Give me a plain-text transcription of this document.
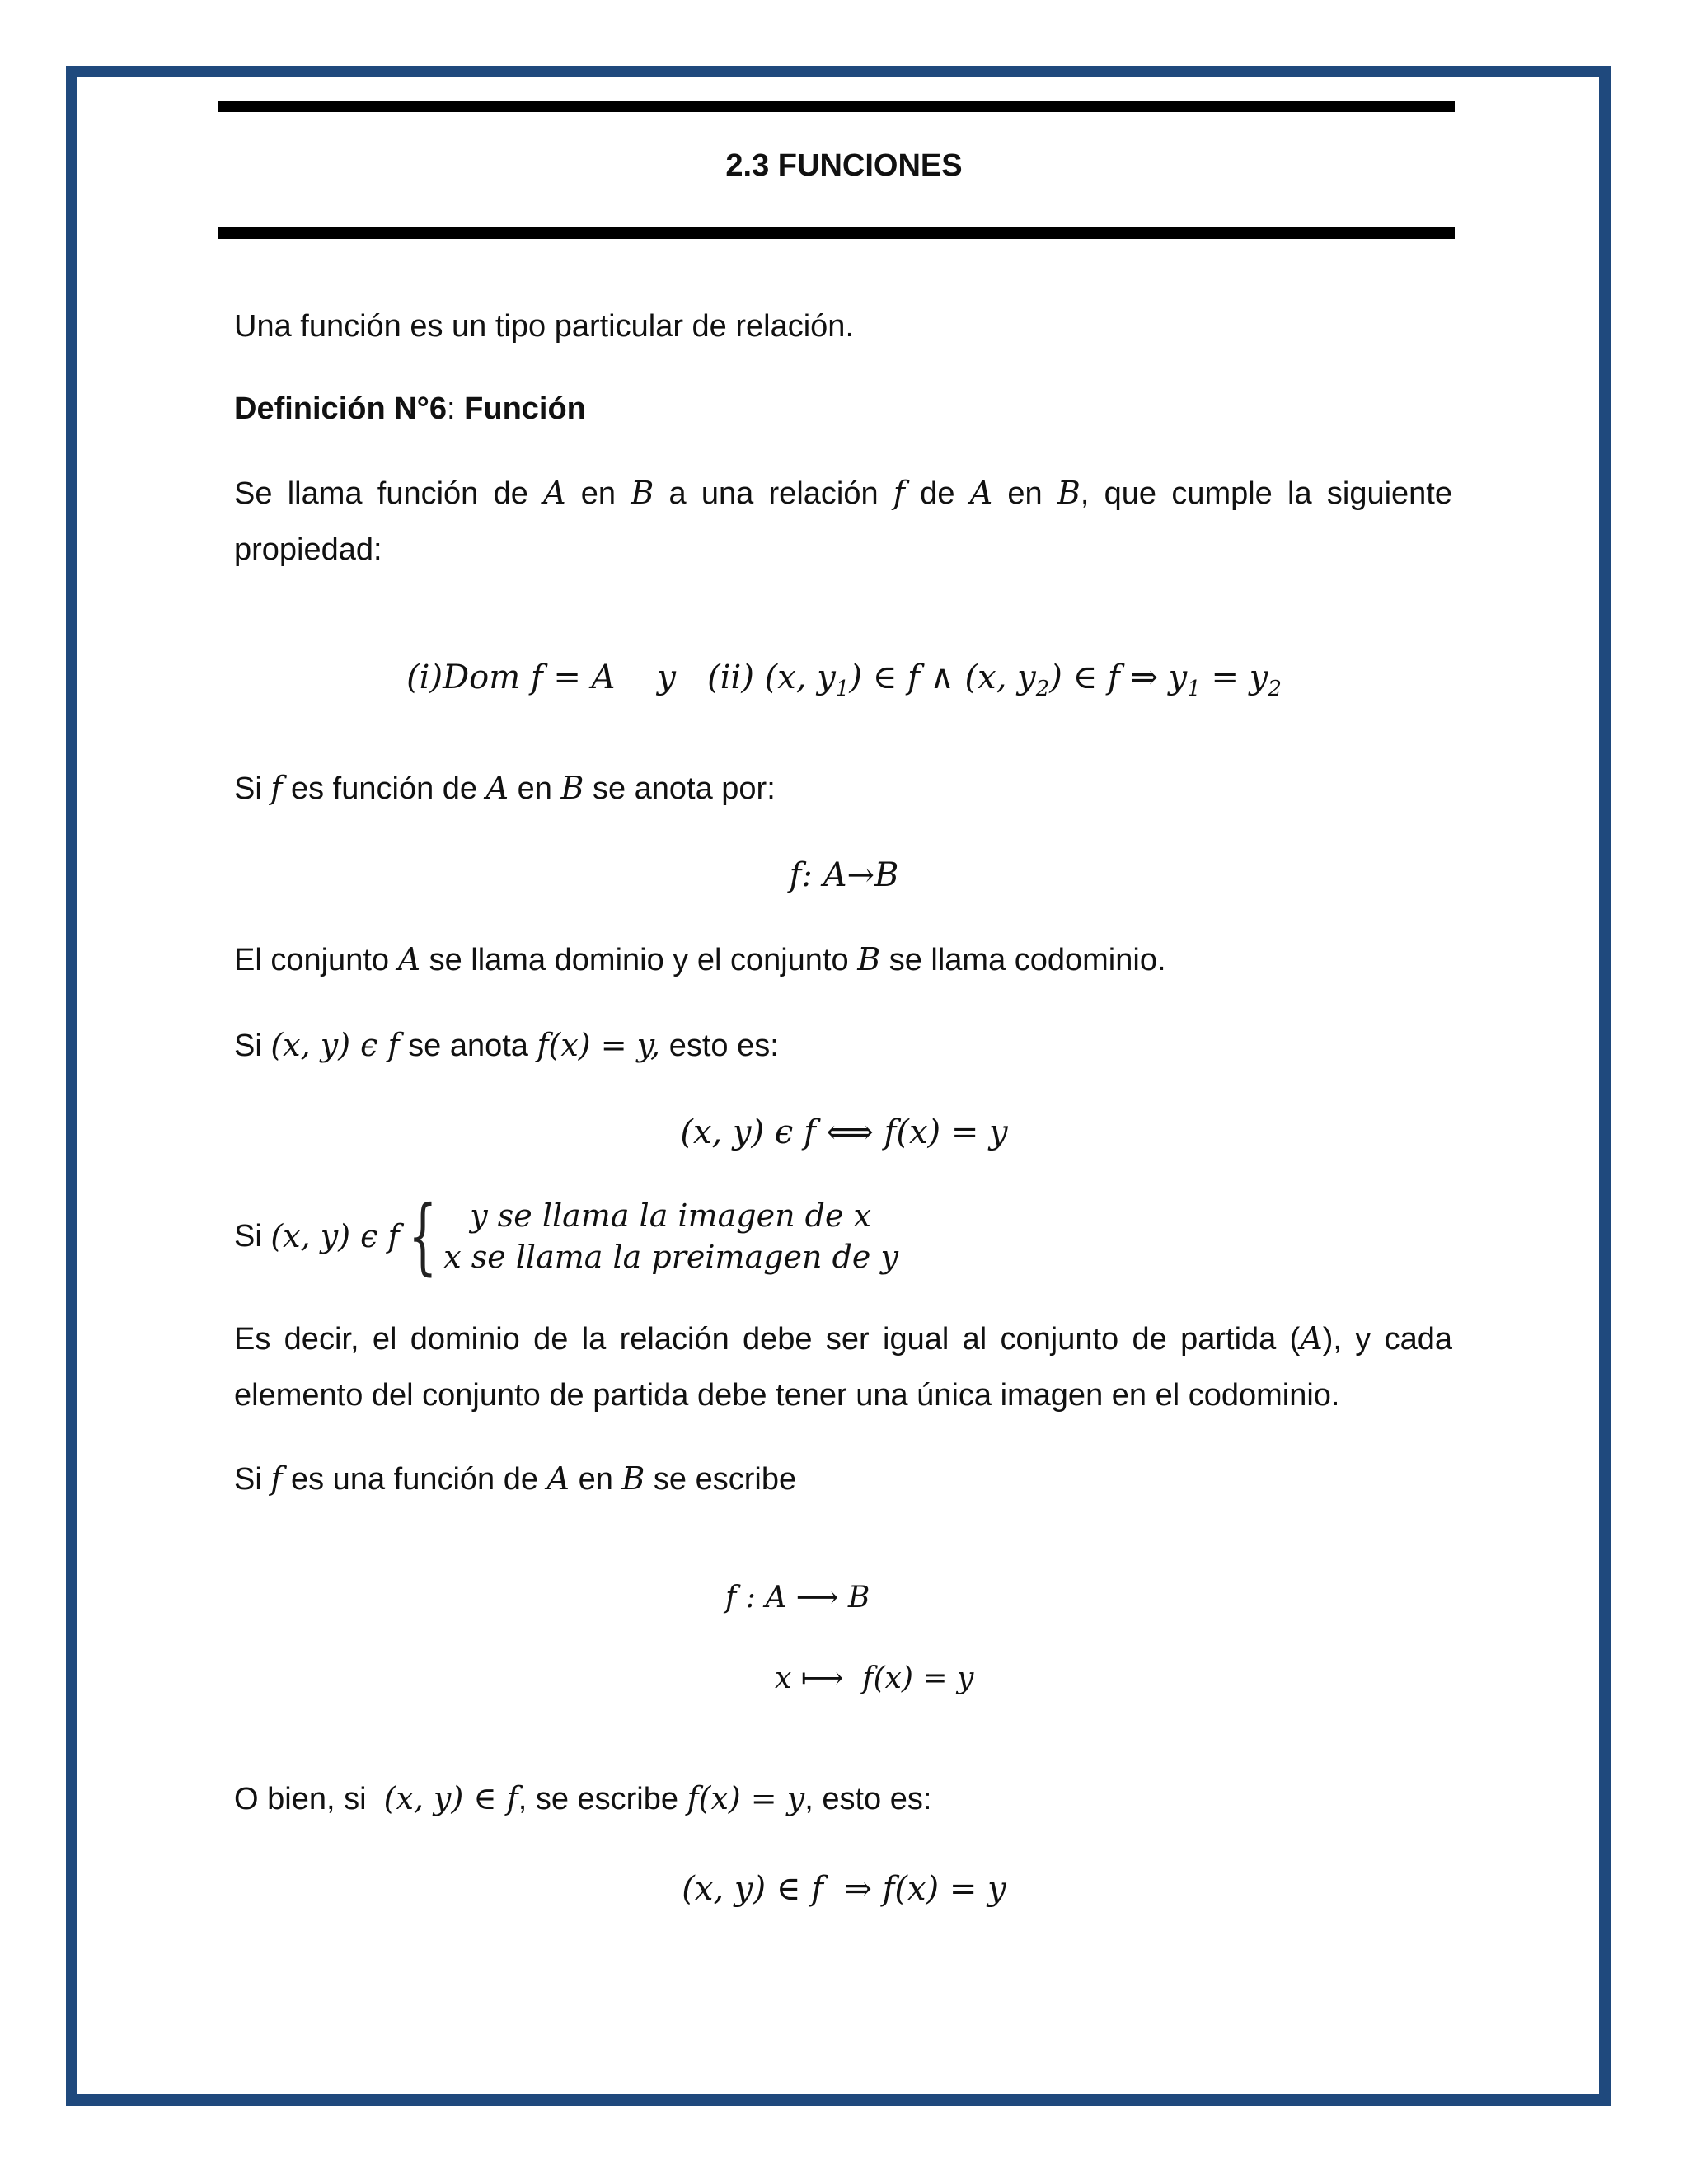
2.3 FUNCIONES

Una función es un tipo particular de relación.

Definición N°6: Función

Se llama función de A en B a una relación f de A en B, que cumple la siguiente propiedad:

(i)Dom f = A y (ii) (x, $y_1$) ∈ f ∧ (x, $y_2$) ∈ f ⇒ $y_1 = y_2$

Si f es función de A en B se anota por:

f: A→B

El conjunto A se llama dominio y el conjunto B se llama codominio.

Si (x, y) ϵ f se anota f(x) = y, esto es:

(x, y) ϵ f ⟺ f(x) = y
Si (x, y) ϵ f {	y se llama la imagen de x
x se llama la preimagen de y

Es decir, el dominio de la relación debe ser igual al conjunto de partida (A), y cada elemento del conjunto de partida debe tener una única imagen en el codominio.

Si f es una función de A en B se escribe

f : A ⟶ B
x ⟼  f(x) = y

O bien, si  (x, y) ∈ f, se escribe f(x) = y, esto es:

(x, y) ∈ f  ⇒ f(x) = y
